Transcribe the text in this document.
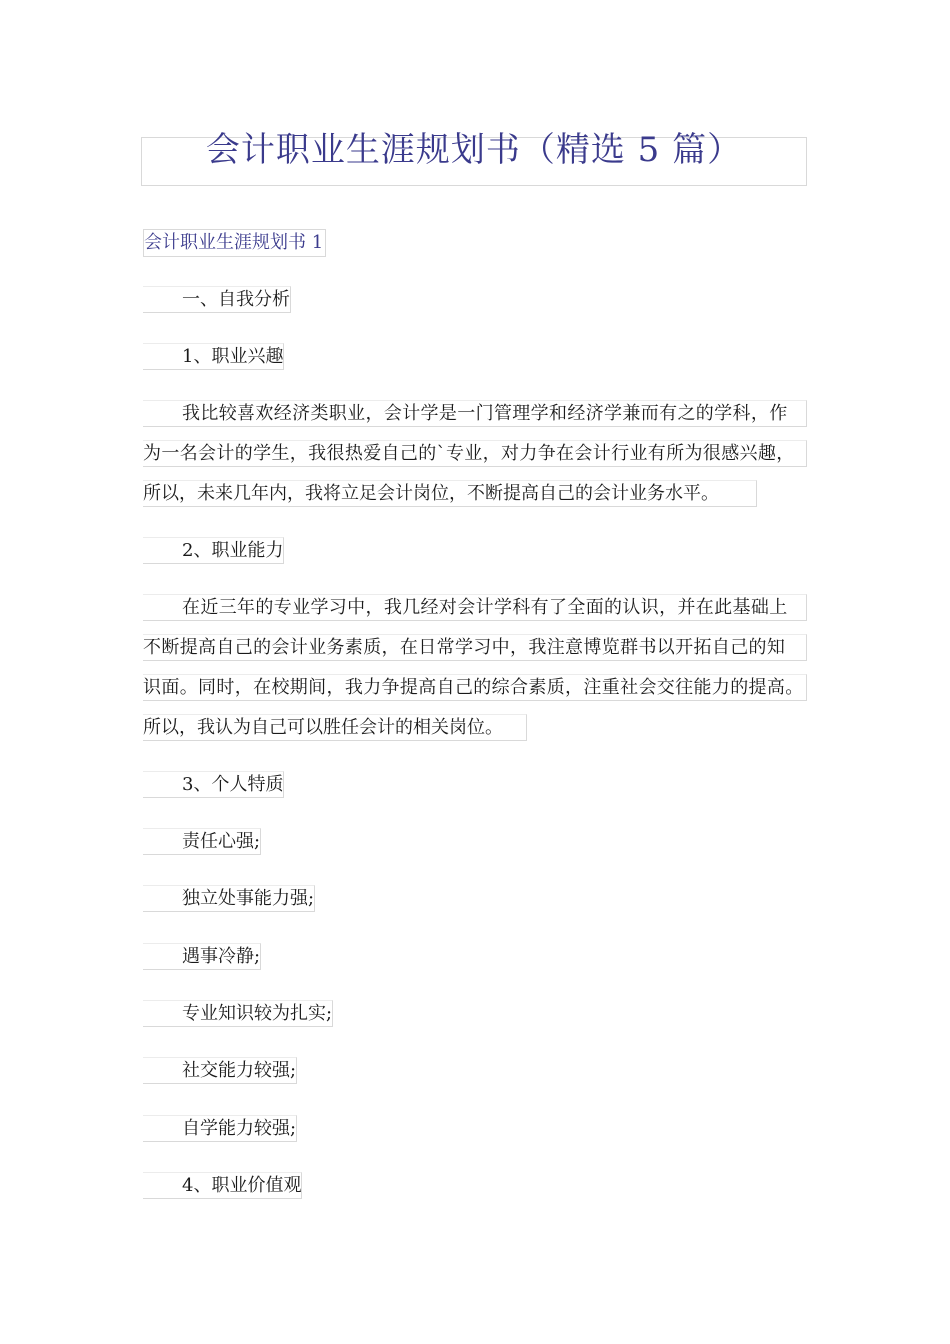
会计职业生涯规划书（精选 5 篇）
会计职业生涯规划书 1
一、自我分析
1、职业兴趣
我比较喜欢经济类职业，会计学是一门管理学和经济学兼而有之的学科，作
为一名会计的学生，我很热爱自己的`专业，对力争在会计行业有所为很感兴趣，
所以，未来几年内，我将立足会计岗位，不断提高自己的会计业务水平。
2、职业能力
在近三年的专业学习中，我几经对会计学科有了全面的认识，并在此基础上
不断提高自己的会计业务素质，在日常学习中，我注意博览群书以开拓自己的知
识面。同时，在校期间，我力争提高自己的综合素质，注重社会交往能力的提高。
所以，我认为自己可以胜任会计的相关岗位。
3、个人特质
责任心强;
独立处事能力强;
遇事冷静;
专业知识较为扎实;
社交能力较强;
自学能力较强;
4、职业价值观
